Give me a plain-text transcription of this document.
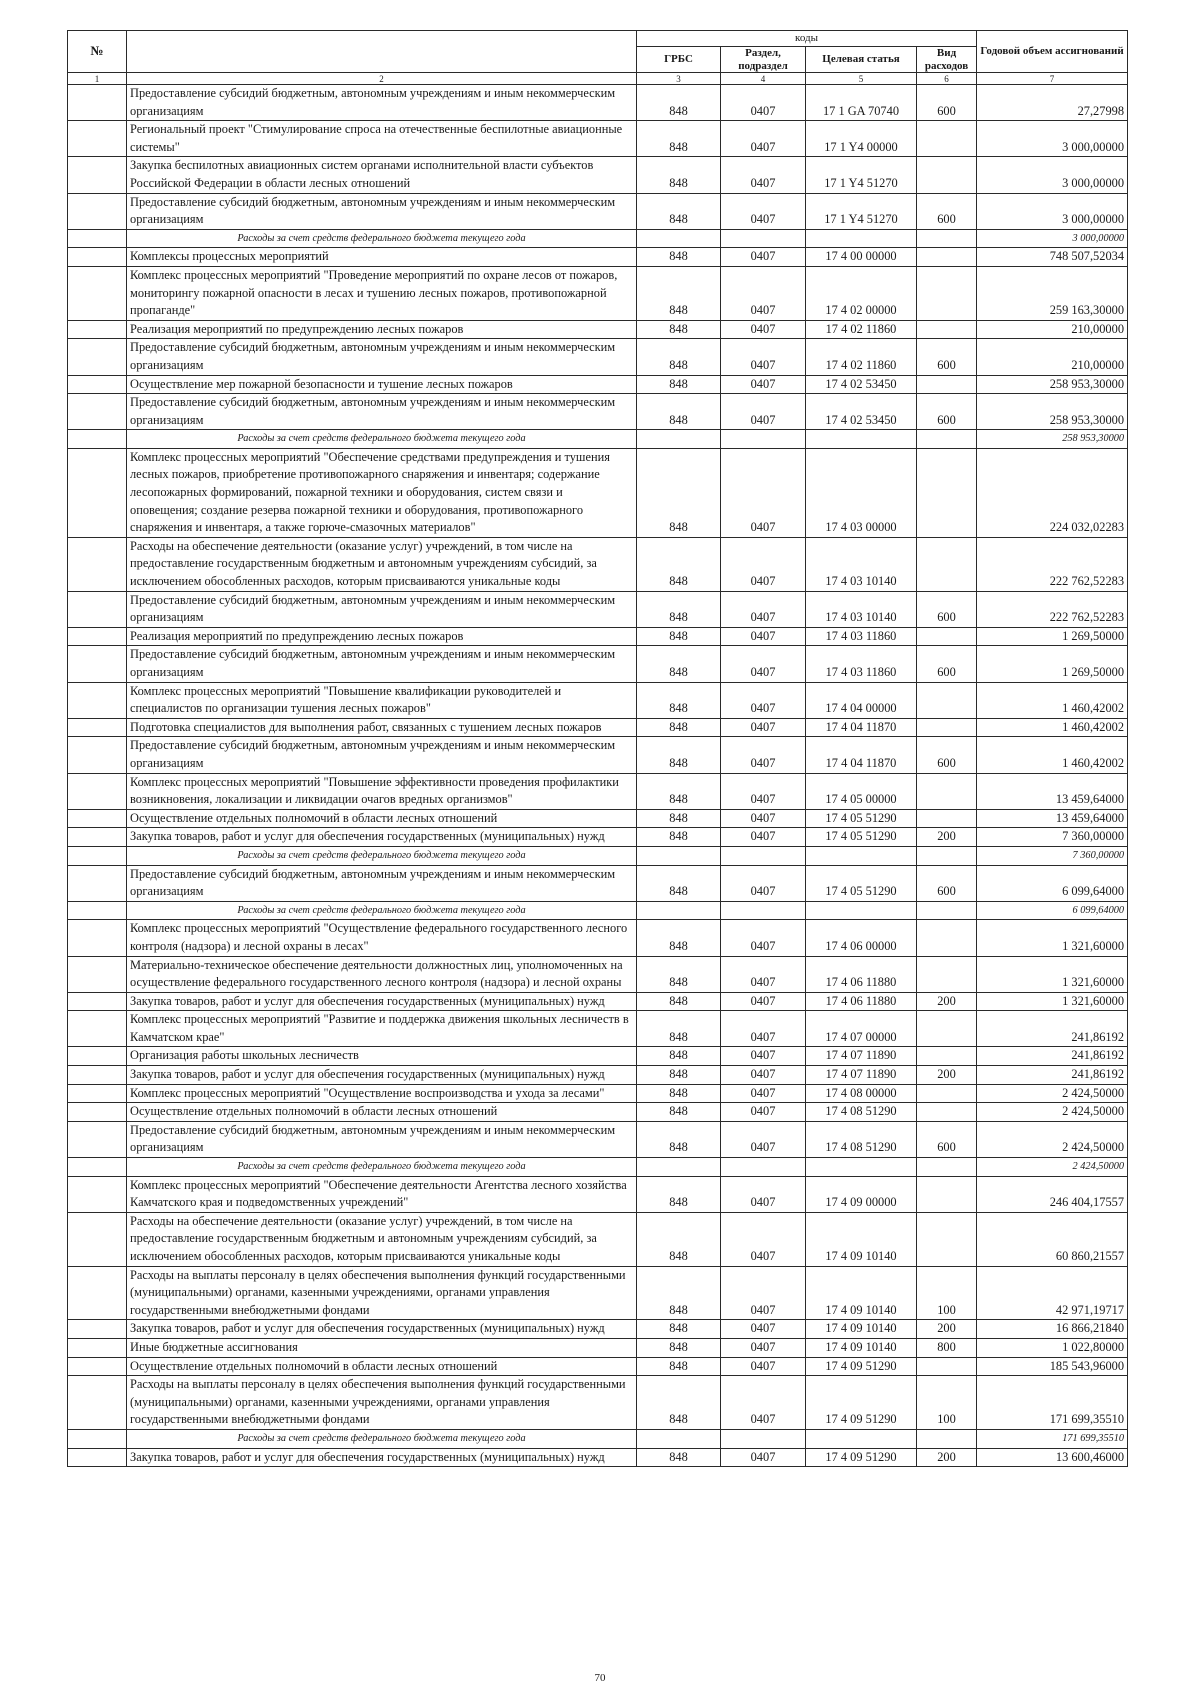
№		коды				Годовой объем ассигнований
		ГРБС	Раздел, подраздел	Целевая статья	Вид расходов	
1	2	3	4	5	6	7
	Предоставление субсидий бюджетным, автономным учреждениям и иным некоммерческим организациям	848	0407	17 1 GA 70740	600	27,27998
	Региональный проект "Стимулирование спроса на отечественные беспилотные авиационные системы"	848	0407	17 1 Y4 00000		3 000,00000
	Закупка беспилотных авиационных систем органами исполнительной власти субъектов Российской Федерации в области лесных отношений	848	0407	17 1 Y4 51270		3 000,00000
	Предоставление субсидий бюджетным, автономным учреждениям и иным некоммерческим организациям	848	0407	17 1 Y4 51270	600	3 000,00000
	Расходы за счет средств федерального бюджета текущего года					3 000,00000
	Комплексы процессных мероприятий	848	0407	17 4 00 00000		748 507,52034
	Комплекс процессных мероприятий "Проведение мероприятий по охране лесов от пожаров, мониторингу пожарной опасности в лесах и тушению лесных пожаров, противопожарной пропаганде"	848	0407	17 4 02 00000		259 163,30000
	Реализация мероприятий по предупреждению лесных пожаров	848	0407	17 4 02 11860		210,00000
	Предоставление субсидий бюджетным, автономным учреждениям и иным некоммерческим организациям	848	0407	17 4 02 11860	600	210,00000
	Осуществление мер пожарной безопасности и тушение лесных пожаров	848	0407	17 4 02 53450		258 953,30000
	Предоставление субсидий бюджетным, автономным учреждениям и иным некоммерческим организациям	848	0407	17 4 02 53450	600	258 953,30000
	Расходы за счет средств федерального бюджета текущего года					258 953,30000
	Комплекс процессных мероприятий "Обеспечение средствами предупреждения и тушения лесных пожаров, приобретение противопожарного снаряжения и инвентаря; содержание лесопожарных формирований, пожарной техники и оборудования, систем связи и оповещения; создание резерва пожарной техники и оборудования, противопожарного снаряжения и инвентаря, а также горюче-смазочных материалов"	848	0407	17 4 03 00000		224 032,02283
	Расходы на обеспечение деятельности (оказание услуг) учреждений, в том числе на предоставление государственным бюджетным и автономным учреждениям субсидий, за исключением обособленных расходов, которым присваиваются уникальные коды	848	0407	17 4 03 10140		222 762,52283
	Предоставление субсидий бюджетным, автономным учреждениям и иным некоммерческим организациям	848	0407	17 4 03 10140	600	222 762,52283
	Реализация мероприятий по предупреждению лесных пожаров	848	0407	17 4 03 11860		1 269,50000
	Предоставление субсидий бюджетным, автономным учреждениям и иным некоммерческим организациям	848	0407	17 4 03 11860	600	1 269,50000
	Комплекс процессных мероприятий "Повышение квалификации руководителей и специалистов по организации тушения лесных пожаров"	848	0407	17 4 04 00000		1 460,42002
	Подготовка специалистов для выполнения работ, связанных с тушением лесных пожаров	848	0407	17 4 04 11870		1 460,42002
	Предоставление субсидий бюджетным, автономным учреждениям и иным некоммерческим организациям	848	0407	17 4 04 11870	600	1 460,42002
	Комплекс процессных мероприятий "Повышение эффективности проведения профилактики возникновения, локализации и ликвидации очагов вредных организмов"	848	0407	17 4 05 00000		13 459,64000
	Осуществление отдельных полномочий в области лесных отношений	848	0407	17 4 05 51290		13 459,64000
	Закупка товаров, работ и услуг для обеспечения государственных (муниципальных) нужд	848	0407	17 4 05 51290	200	7 360,00000
	Расходы за счет средств федерального бюджета текущего года					7 360,00000
	Предоставление субсидий бюджетным, автономным учреждениям и иным некоммерческим организациям	848	0407	17 4 05 51290	600	6 099,64000
	Расходы за счет средств федерального бюджета текущего года					6 099,64000
	Комплекс процессных мероприятий "Осуществление федерального государственного лесного контроля (надзора) и лесной охраны в лесах"	848	0407	17 4 06 00000		1 321,60000
	Материально-техническое обеспечение деятельности должностных лиц, уполномоченных на осуществление федерального государственного лесного контроля (надзора) и лесной охраны	848	0407	17 4 06 11880		1 321,60000
	Закупка товаров, работ и услуг для обеспечения государственных (муниципальных) нужд	848	0407	17 4 06 11880	200	1 321,60000
	Комплекс процессных мероприятий "Развитие и поддержка движения школьных лесничеств в Камчатском крае"	848	0407	17 4 07 00000		241,86192
	Организация работы школьных лесничеств	848	0407	17 4 07 11890		241,86192
	Закупка товаров, работ и услуг для обеспечения государственных (муниципальных) нужд	848	0407	17 4 07 11890	200	241,86192
	Комплекс процессных мероприятий "Осуществление воспроизводства и ухода за лесами"	848	0407	17 4 08 00000		2 424,50000
	Осуществление отдельных полномочий в области лесных отношений	848	0407	17 4 08 51290		2 424,50000
	Предоставление субсидий бюджетным, автономным учреждениям и иным некоммерческим организациям	848	0407	17 4 08 51290	600	2 424,50000
	Расходы за счет средств федерального бюджета текущего года					2 424,50000
	Комплекс процессных мероприятий "Обеспечение деятельности Агентства лесного хозяйства Камчатского края и подведомственных учреждений"	848	0407	17 4 09 00000		246 404,17557
	Расходы на обеспечение деятельности (оказание услуг) учреждений, в том числе на предоставление государственным бюджетным и автономным учреждениям субсидий, за исключением обособленных расходов, которым присваиваются уникальные коды	848	0407	17 4 09 10140		60 860,21557
	Расходы на выплаты персоналу в целях обеспечения выполнения функций государственными (муниципальными) органами, казенными учреждениями, органами управления государственными внебюджетными фондами	848	0407	17 4 09 10140	100	42 971,19717
	Закупка товаров, работ и услуг для обеспечения государственных (муниципальных) нужд	848	0407	17 4 09 10140	200	16 866,21840
	Иные бюджетные ассигнования	848	0407	17 4 09 10140	800	1 022,80000
	Осуществление отдельных полномочий в области лесных отношений	848	0407	17 4 09 51290		185 543,96000
	Расходы на выплаты персоналу в целях обеспечения выполнения функций государственными (муниципальными) органами, казенными учреждениями, органами управления государственными внебюджетными фондами	848	0407	17 4 09 51290	100	171 699,35510
	Расходы за счет средств федерального бюджета текущего года					171 699,35510
	Закупка товаров, работ и услуг для обеспечения государственных (муниципальных) нужд	848	0407	17 4 09 51290	200	13 600,46000
70
